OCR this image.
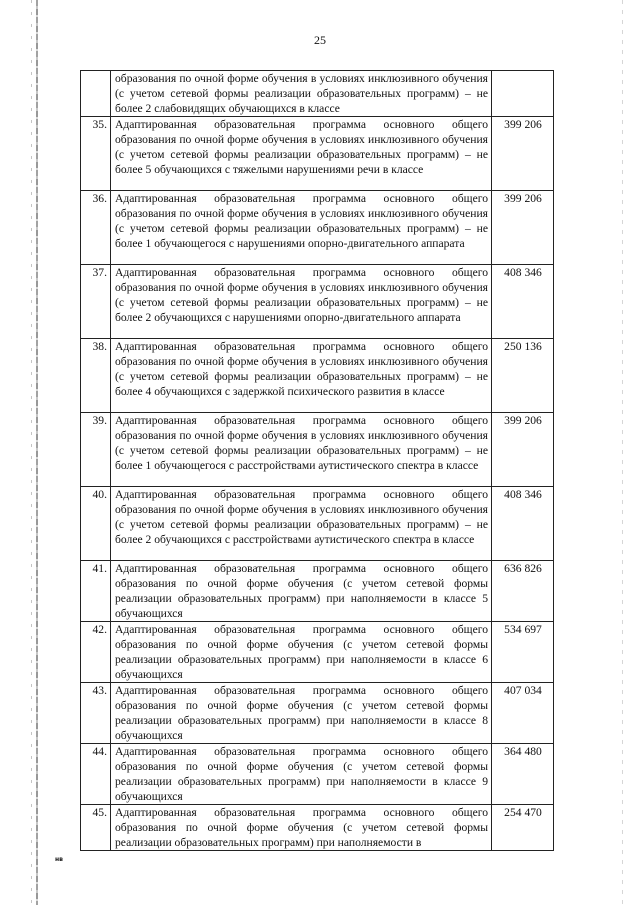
25
	образования по очной форме обучения в условиях инклюзивного обучения (с учетом сетевой формы реализации образовательных программ) – не более 2 слабовидящих обучающихся в классе	
35.	Адаптированная образовательная программа основного общего образования по очной форме обучения в условиях инклюзивного обучения (с учетом сетевой формы реализации образовательных программ) – не более 5 обучающихся с тяжелыми нарушениями речи в классе	399 206
36.	Адаптированная образовательная программа основного общего образования по очной форме обучения в условиях инклюзивного обучения (с учетом сетевой формы реализации образовательных программ) – не более 1 обучающегося с нарушениями опорно-двигательного аппарата	399 206
37.	Адаптированная образовательная программа основного общего образования по очной форме обучения в условиях инклюзивного обучения (с учетом сетевой формы реализации образовательных программ) – не более 2 обучающихся с нарушениями опорно-двигательного аппарата	408 346
38.	Адаптированная образовательная программа основного общего образования по очной форме обучения в условиях инклюзивного обучения (с учетом сетевой формы реализации образовательных программ) – не более 4 обучающихся с задержкой психического развития в классе	250 136
39.	Адаптированная образовательная программа основного общего образования по очной форме обучения в условиях инклюзивного обучения (с учетом сетевой формы реализации образовательных программ) – не более 1 обучающегося с расстройствами аутистического спектра в классе	399 206
40.	Адаптированная образовательная программа основного общего образования по очной форме обучения в условиях инклюзивного обучения (с учетом сетевой формы реализации образовательных программ) – не более 2 обучающихся с расстройствами аутистического спектра в классе	408 346
41.	Адаптированная образовательная программа основного общего образования по очной форме обучения (с учетом сетевой формы реализации образовательных программ) при наполняемости в классе 5 обучающихся	636 826
42.	Адаптированная образовательная программа основного общего образования по очной форме обучения (с учетом сетевой формы реализации образовательных программ) при наполняемости в классе 6 обучающихся	534 697
43.	Адаптированная образовательная программа основного общего образования по очной форме обучения (с учетом сетевой формы реализации образовательных программ) при наполняемости в классе 8 обучающихся	407 034
44.	Адаптированная образовательная программа основного общего образования по очной форме обучения (с учетом сетевой формы реализации образовательных программ) при наполняемости в классе 9 обучающихся	364 480
45.	Адаптированная образовательная программа основного общего образования по очной форме обучения (с учетом сетевой формы реализации образовательных программ) при наполняемости в	254 470
нв
